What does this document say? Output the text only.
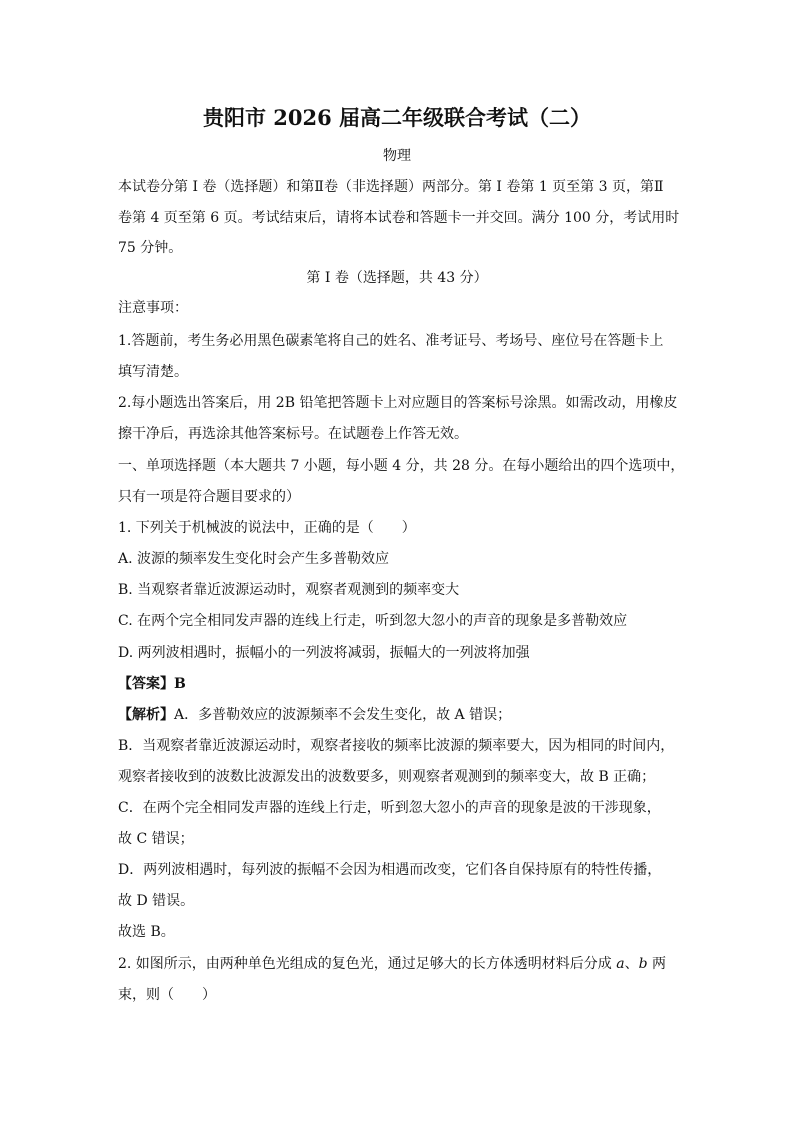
贵阳市 2026 届高二年级联合考试（二）
物理
本试卷分第 I 卷（选择题）和第Ⅱ卷（非选择题）两部分。第 I 卷第 1 页至第 3 页，第Ⅱ
卷第 4 页至第 6 页。考试结束后，请将本试卷和答题卡一并交回。满分 100 分，考试用时
75 分钟。
第 I 卷（选择题，共 43 分）
注意事项：
1.答题前，考生务必用黑色碳素笔将自己的姓名、准考证号、考场号、座位号在答题卡上
填写清楚。
2.每小题选出答案后，用 2B 铅笔把答题卡上对应题目的答案标号涂黑。如需改动，用橡皮
擦干净后，再选涂其他答案标号。在试题卷上作答无效。
一、单项选择题（本大题共 7 小题，每小题 4 分，共 28 分。在每小题给出的四个选项中，
只有一项是符合题目要求的）
1. 下列关于机械波的说法中，正确的是（　　）
A. 波源的频率发生变化时会产生多普勒效应
B. 当观察者靠近波源运动时，观察者观测到的频率变大
C. 在两个完全相同发声器的连线上行走，听到忽大忽小的声音的现象是多普勒效应
D. 两列波相遇时，振幅小的一列波将减弱，振幅大的一列波将加强
【答案】B
【解析】A．多普勒效应的波源频率不会发生变化，故 A 错误；
B．当观察者靠近波源运动时，观察者接收的频率比波源的频率要大，因为相同的时间内，
观察者接收到的波数比波源发出的波数要多，则观察者观测到的频率变大，故 B 正确；
C．在两个完全相同发声器的连线上行走，听到忽大忽小的声音的现象是波的干涉现象，
故 C 错误；
D．两列波相遇时，每列波的振幅不会因为相遇而改变，它们各自保持原有的特性传播，
故 D 错误。
故选 B。
2. 如图所示，由两种单色光组成的复色光，通过足够大的长方体透明材料后分成 a、b 两
束，则（　　）
